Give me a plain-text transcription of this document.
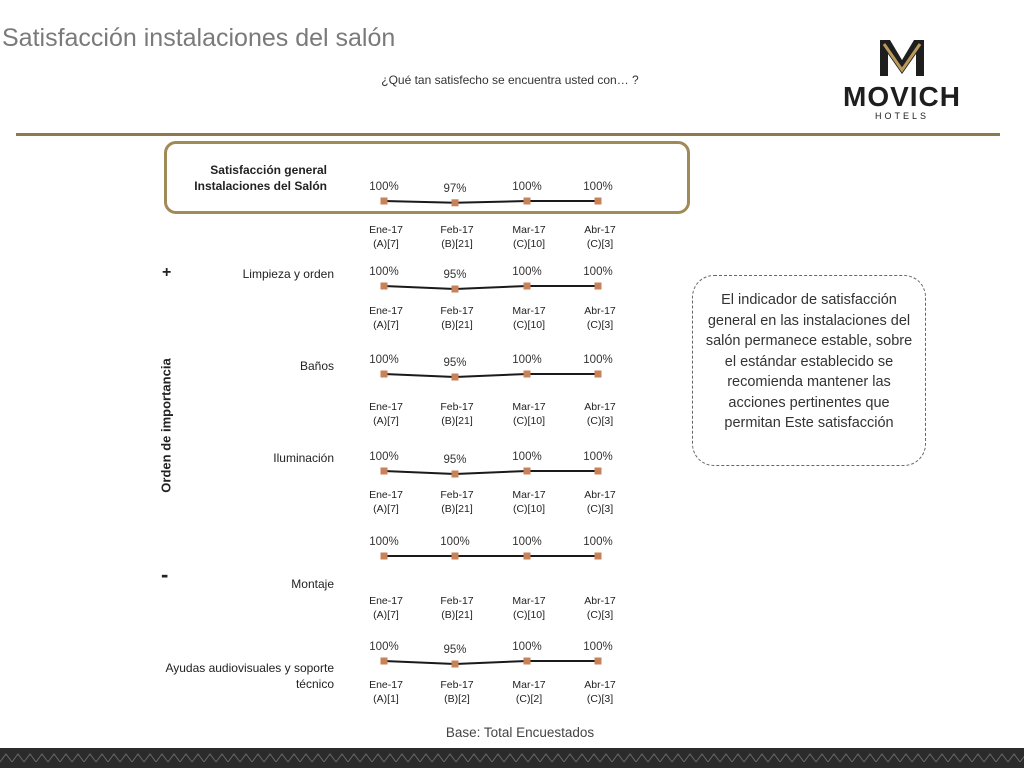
Satisfacción instalaciones del salón
¿Qué tan satisfecho se encuentra usted con… ?
MOVICH
HOTELS
+
-
Orden de importancia
Satisfacción general Instalaciones del Salón
Limpieza y orden
Baños
Iluminación
Montaje
Ayudas audiovisuales y soporte técnico
100%
Ene-17 (A)[7]
97%
Feb-17 (B)[21]
100%
Mar-17 (C)[10]
100%
Abr-17 (C)[3]
100%
Ene-17 (A)[7]
95%
Feb-17 (B)[21]
100%
Mar-17 (C)[10]
100%
Abr-17 (C)[3]
100%
Ene-17 (A)[7]
95%
Feb-17 (B)[21]
100%
Mar-17 (C)[10]
100%
Abr-17 (C)[3]
100%
Ene-17 (A)[7]
95%
Feb-17 (B)[21]
100%
Mar-17 (C)[10]
100%
Abr-17 (C)[3]
100%
Ene-17 (A)[7]
100%
Feb-17 (B)[21]
100%
Mar-17 (C)[10]
100%
Abr-17 (C)[3]
100%
Ene-17 (A)[1]
95%
Feb-17 (B)[2]
100%
Mar-17 (C)[2]
100%
Abr-17 (C)[3]
El indicador de satisfacción general en las instalaciones del salón permanece estable, sobre el estándar establecido se recomienda mantener las acciones pertinentes que permitan Este satisfacción
Base: Total Encuestados
